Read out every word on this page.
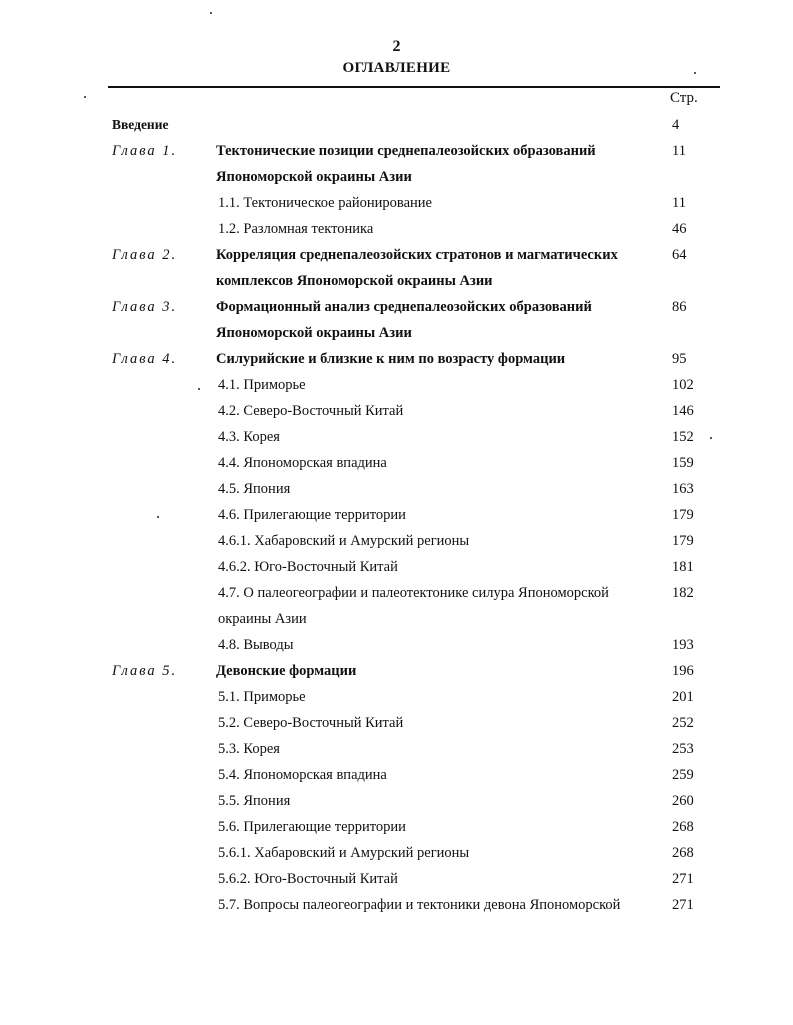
2
ОГЛАВЛЕНИЕ
Стр.
Введение	4
Глава 1.	Тектонические позиции среднепалеозойских образований	11
Япономорской окраины Азии
1.1. Тектоническое районирование	11
1.2. Разломная тектоника	46
Глава 2.	Корреляция среднепалеозойских стратонов и магматических	64
комплексов Япономорской окраины Азии
Глава 3.	Формационный анализ среднепалеозойских образований	86
Япономорской окраины Азии
Глава 4.	Силурийские и близкие к ним по возрасту формации	95
4.1. Приморье	102
4.2. Северо-Восточный Китай	146
4.3. Корея	152
4.4. Япономорская впадина	159
4.5. Япония	163
4.6. Прилегающие территории	179
4.6.1. Хабаровский и Амурский регионы	179
4.6.2. Юго-Восточный Китай	181
4.7. О палеогеографии и палеотектонике силура Япономорской	182
окраины Азии
4.8. Выводы	193
Глава 5.	Девонские формации	196
5.1. Приморье	201
5.2. Северо-Восточный Китай	252
5.3. Корея	253
5.4. Япономорская впадина	259
5.5. Япония	260
5.6. Прилегающие территории	268
5.6.1. Хабаровский и Амурский регионы	268
5.6.2. Юго-Восточный Китай	271
5.7. Вопросы палеогеографии и тектоники девона Япономорской	271
